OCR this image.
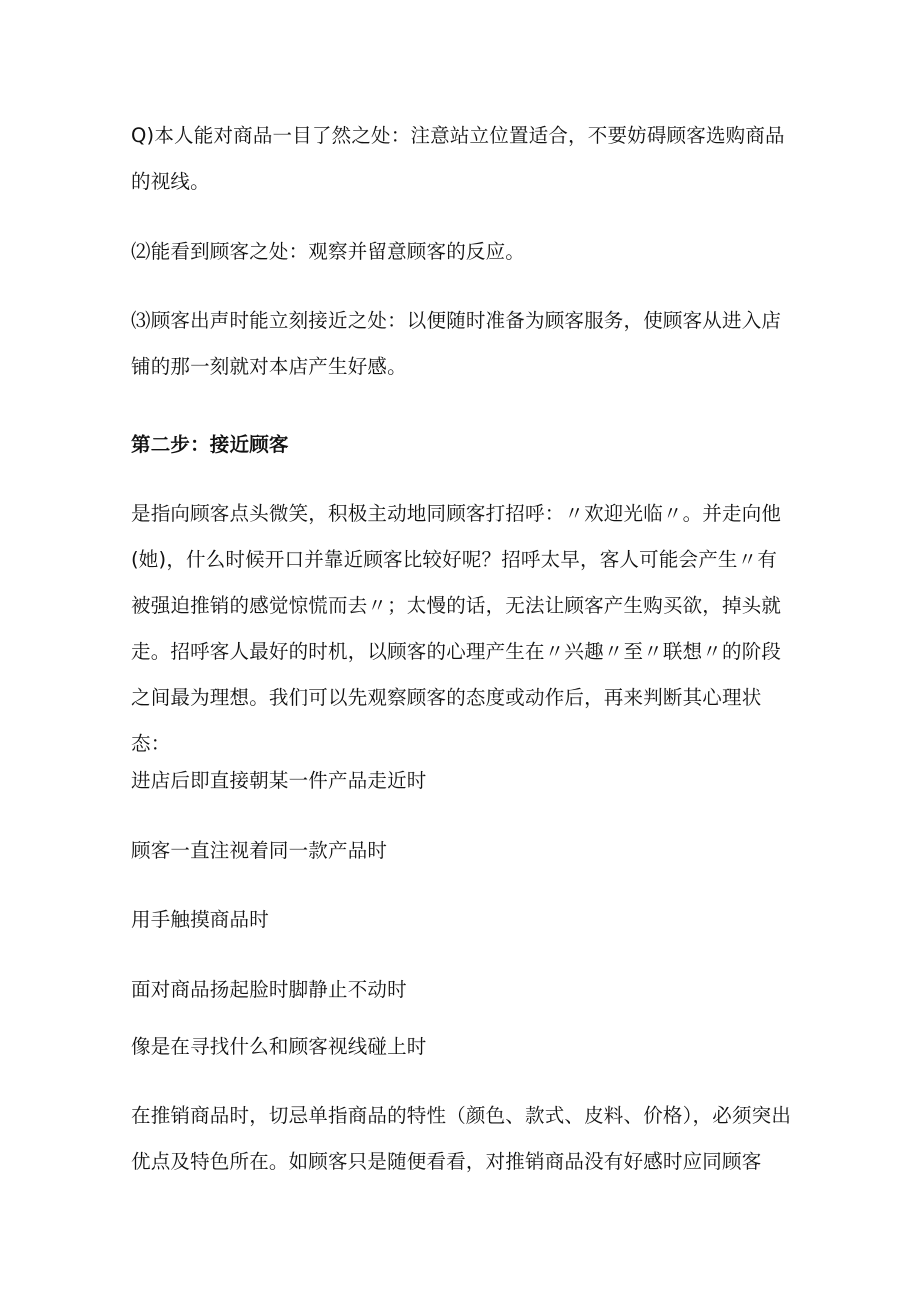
Q)本人能对商品一目了然之处：注意站立位置适合，不要妨碍顾客选购商品的视线。

⑵能看到顾客之处：观察并留意顾客的反应。

⑶顾客出声时能立刻接近之处：以便随时准备为顾客服务，使顾客从进入店铺的那一刻就对本店产生好感。

第二步：接近顾客

是指向顾客点头微笑，积极主动地同顾客打招呼：〃欢迎光临〃。并走向他(她)，什么时候开口并靠近顾客比较好呢？招呼太早，客人可能会产生〃有被强迫推销的感觉惊慌而去〃；太慢的话，无法让顾客产生购买欲，掉头就走。招呼客人最好的时机，以顾客的心理产生在〃兴趣〃至〃联想〃的阶段之间最为理想。我们可以先观察顾客的态度或动作后，再来判断其心理状态：

进店后即直接朝某一件产品走近时

顾客一直注视着同一款产品时

用手触摸商品时

面对商品扬起脸时脚静止不动时

像是在寻找什么和顾客视线碰上时

在推销商品时，切忌单指商品的特性（颜色、款式、皮料、价格），必须突出优点及特色所在。如顾客只是随便看看，对推销商品没有好感时应同顾客
